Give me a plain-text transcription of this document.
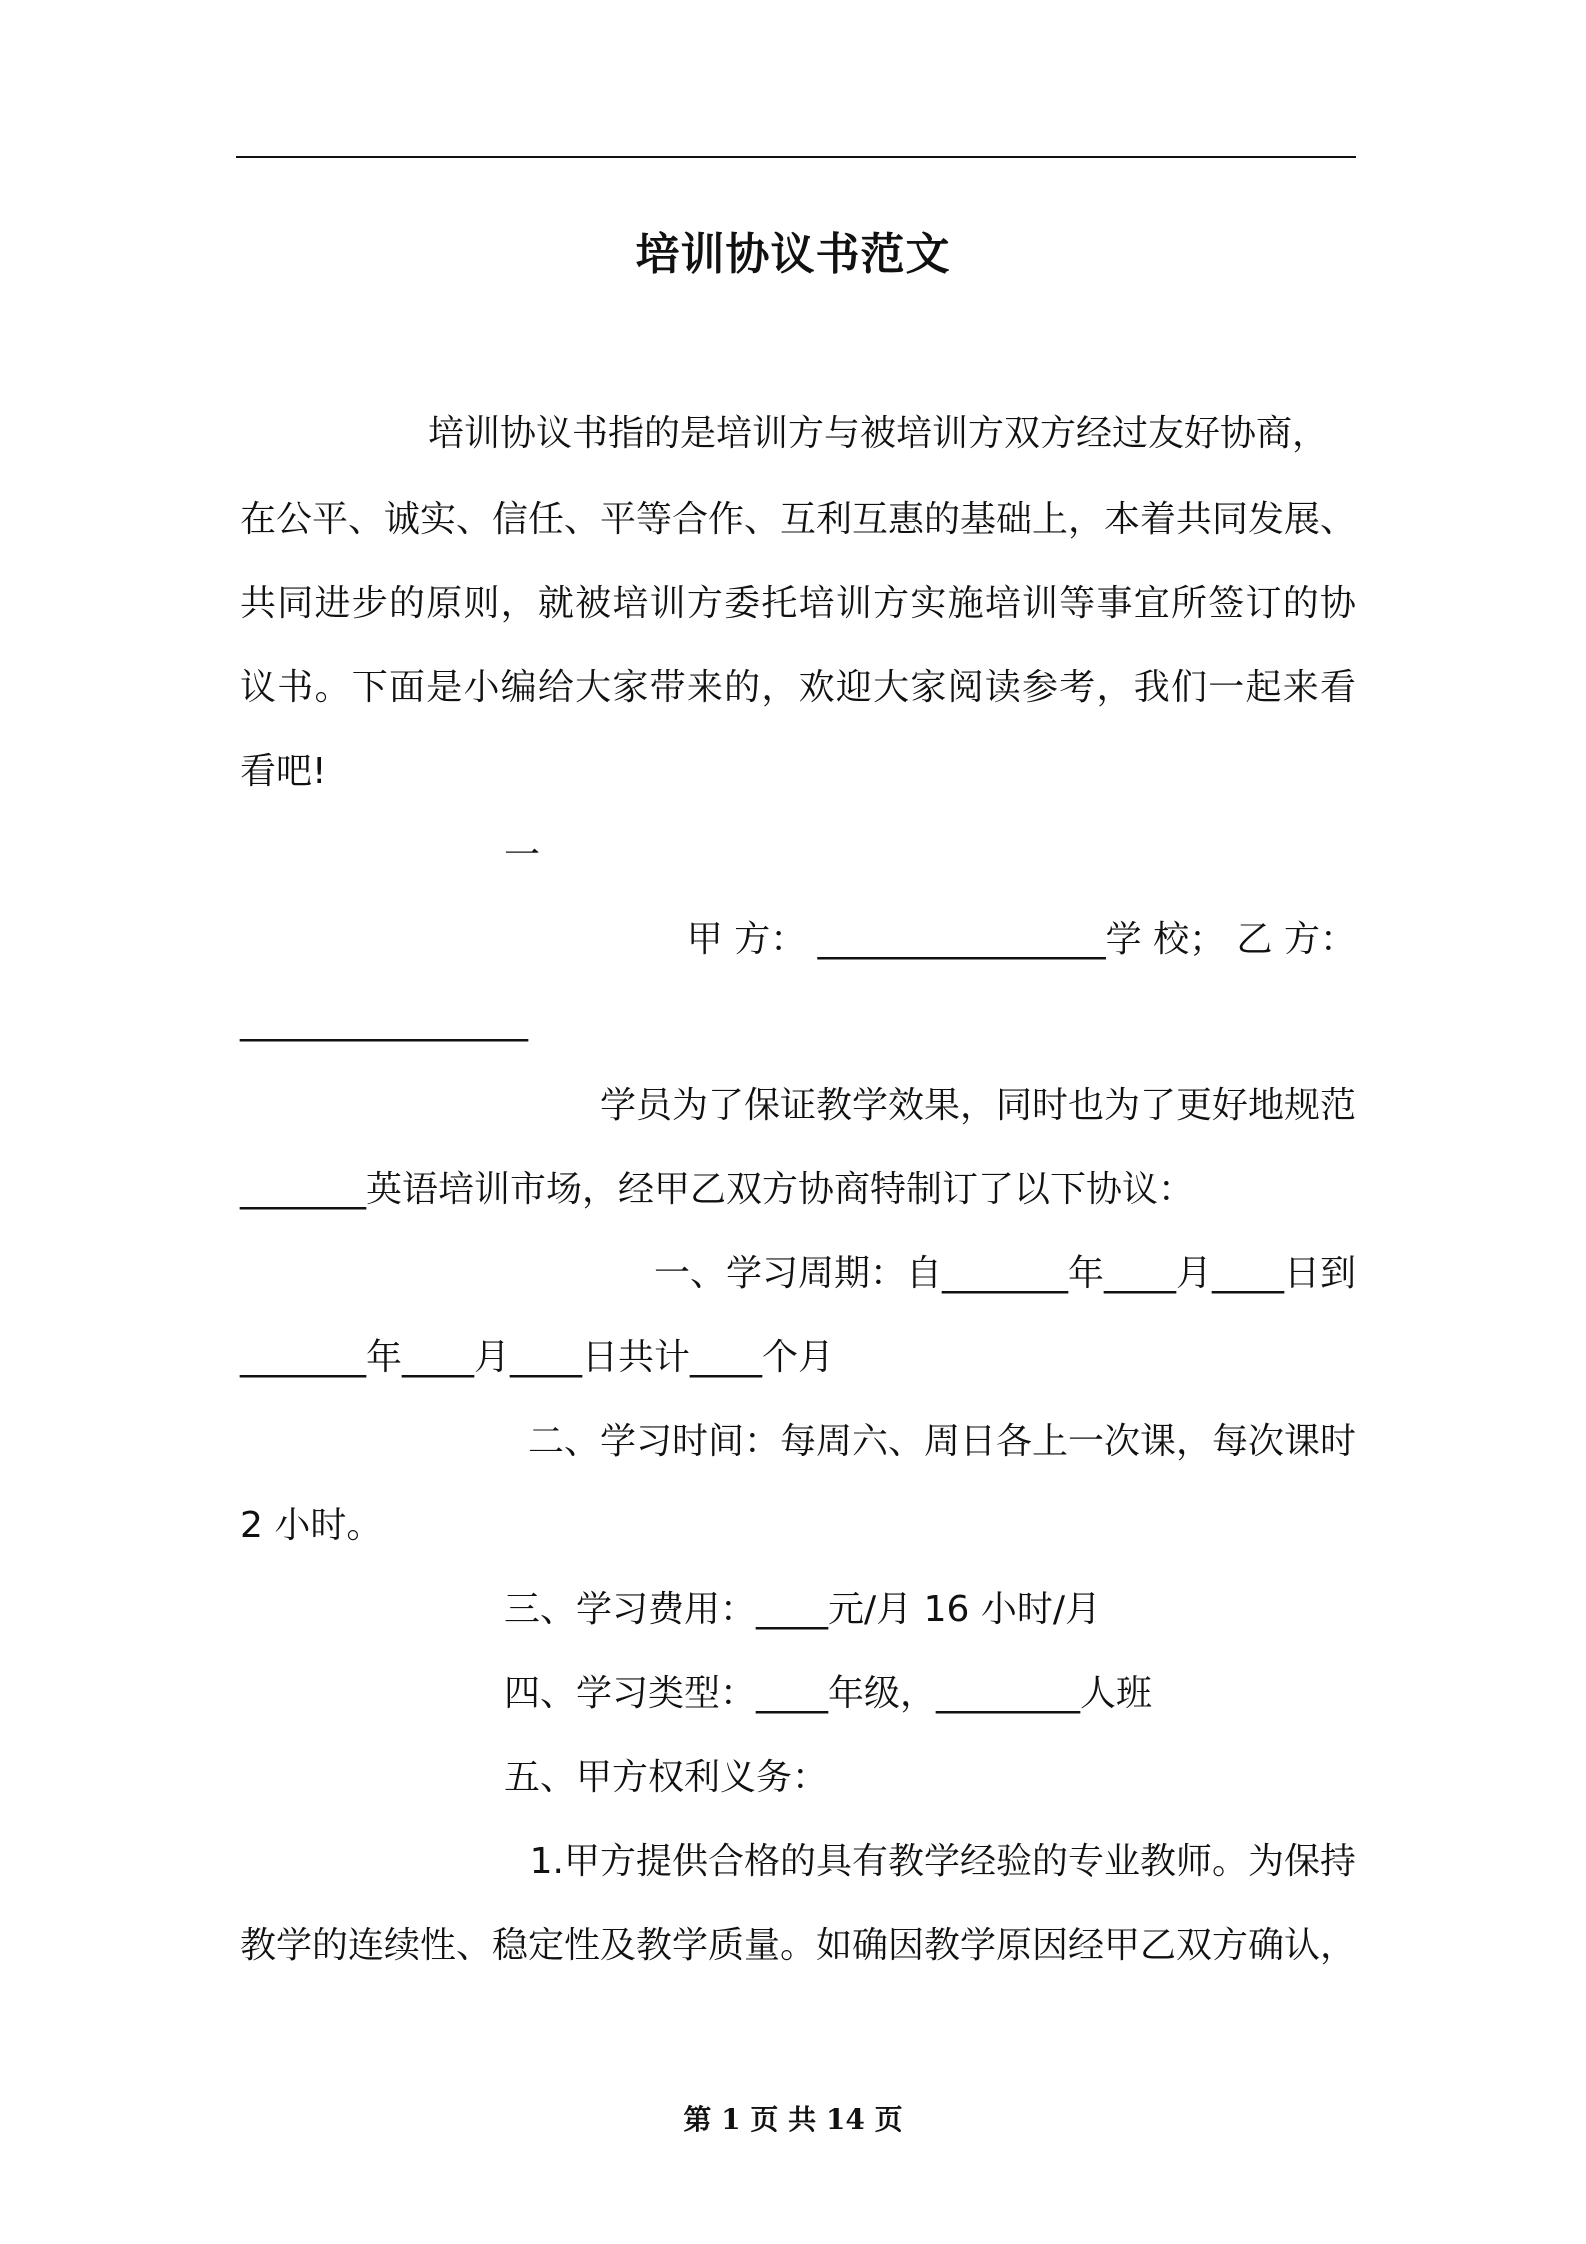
培训协议书范文
培训协议书指的是培训方与被培训方双方经过友好协商，
在公平、诚实、信任、平等合作、互利互惠的基础上，本着共同发展、
共同进步的原则，就被培训方委托培训方实施培训等事宜所签订的协
议书。下面是小编给大家带来的，欢迎大家阅读参考，我们一起来看
看吧!
一
甲 方： ________________学 校； 乙 方：
________________
学员为了保证教学效果，同时也为了更好地规范
_______英语培训市场，经甲乙双方协商特制订了以下协议：
一、学习周期：自_______年____月____日到
_______年____月____日共计____个月
二、学习时间：每周六、周日各上一次课，每次课时
2 小时。
三、学习费用：____元/月 16 小时/月
四、学习类型：____年级，________人班
五、甲方权利义务：
1.甲方提供合格的具有教学经验的专业教师。为保持
教学的连续性、稳定性及教学质量。如确因教学原因经甲乙双方确认，
第 1 页 共 14 页
